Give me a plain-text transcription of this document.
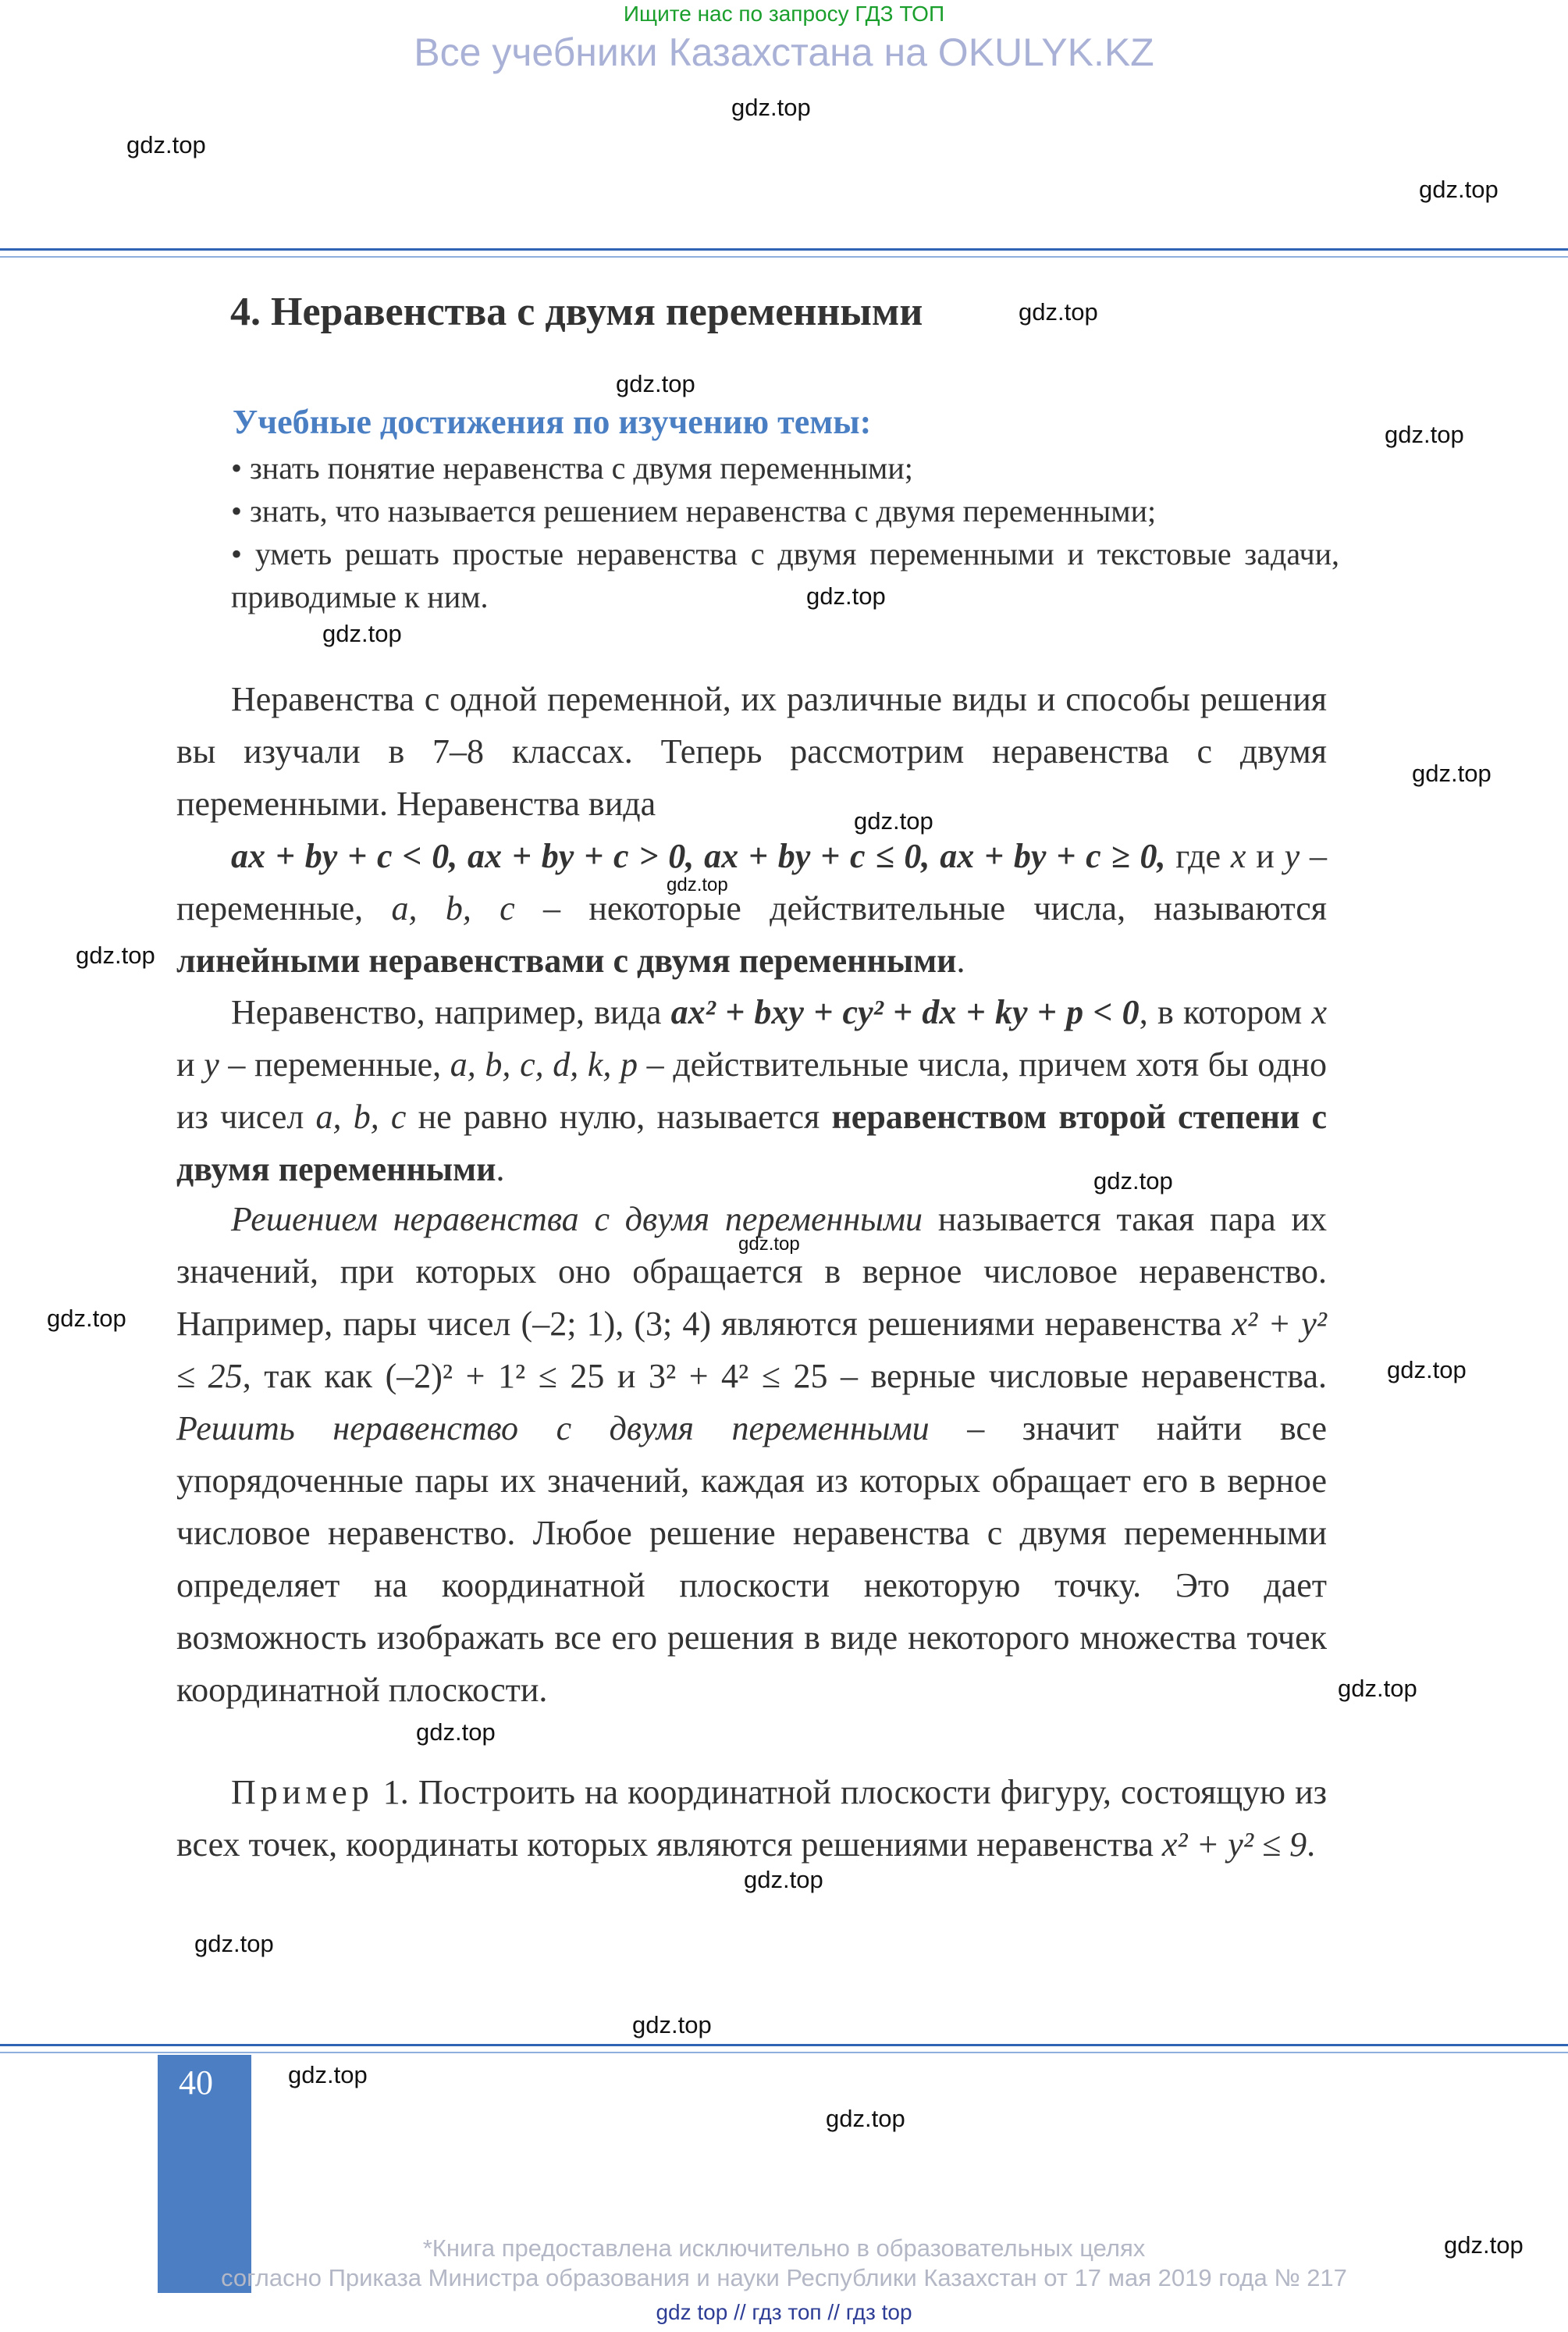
Ищите нас по запросу ГДЗ ТОП
Все учебники Казахстана на OKULYK.KZ
4. Неравенства с двумя переменными
Учебные достижения по изучению темы:
• знать понятие неравенства с двумя переменными;
• знать, что называется решением неравенства с двумя переменными;
• уметь решать простые неравенства с двумя переменными и текстовые задачи, приводимые к ним.
Неравенства с одной переменной, их различные виды и способы решения вы изучали в 7–8 классах. Теперь рассмотрим неравенства с двумя переменными. Неравенства вида
ax + by + c < 0, ax + by + c > 0, ax + by + c ≤ 0, ax + by + c ≥ 0, где x и y – переменные, a, b, c – некоторые действительные числа, называются линейными неравенствами с двумя переменными.
Неравенство, например, вида ax² + bxy + cy² + dx + ky + p < 0, в котором x и y – переменные, a, b, c, d, k, p – действительные числа, причем хотя бы одно из чисел a, b, c не равно нулю, называется неравенством второй степени с двумя переменными.
Решением неравенства с двумя переменными называется такая пара их значений, при которых оно обращается в верное числовое неравенство. Например, пары чисел (–2; 1), (3; 4) являются решениями неравенства x² + y² ≤ 25, так как (–2)² + 1² ≤ 25 и 3² + 4² ≤ 25 – верные числовые неравенства. Решить неравенство с двумя переменными – значит найти все упорядоченные пары их значений, каждая из которых обращает его в верное числовое неравенство. Любое решение неравенства с двумя переменными определяет на координатной плоскости некоторую точку. Это дает возможность изображать все его решения в виде некоторого множества точек координатной плоскости.
Пример 1. Построить на координатной плоскости фигуру, состоящую из всех точек, координаты которых являются решениями неравенства x² + y² ≤ 9.
gdz.top
gdz.top
gdz.top
gdz.top
gdz.top
gdz.top
gdz.top
gdz.top
gdz.top
gdz.top
gdz.top
gdz.top
gdz.top
gdz.top
gdz.top
gdz.top
gdz.top
gdz.top
gdz.top
gdz.top
gdz.top
gdz.top
gdz.top
gdz.top
40
*Книга предоставлена исключительно в образовательных целях
согласно Приказа Министра образования и науки Республики Казахстан от 17 мая 2019 года № 217
gdz top // гдз топ // гдз top
